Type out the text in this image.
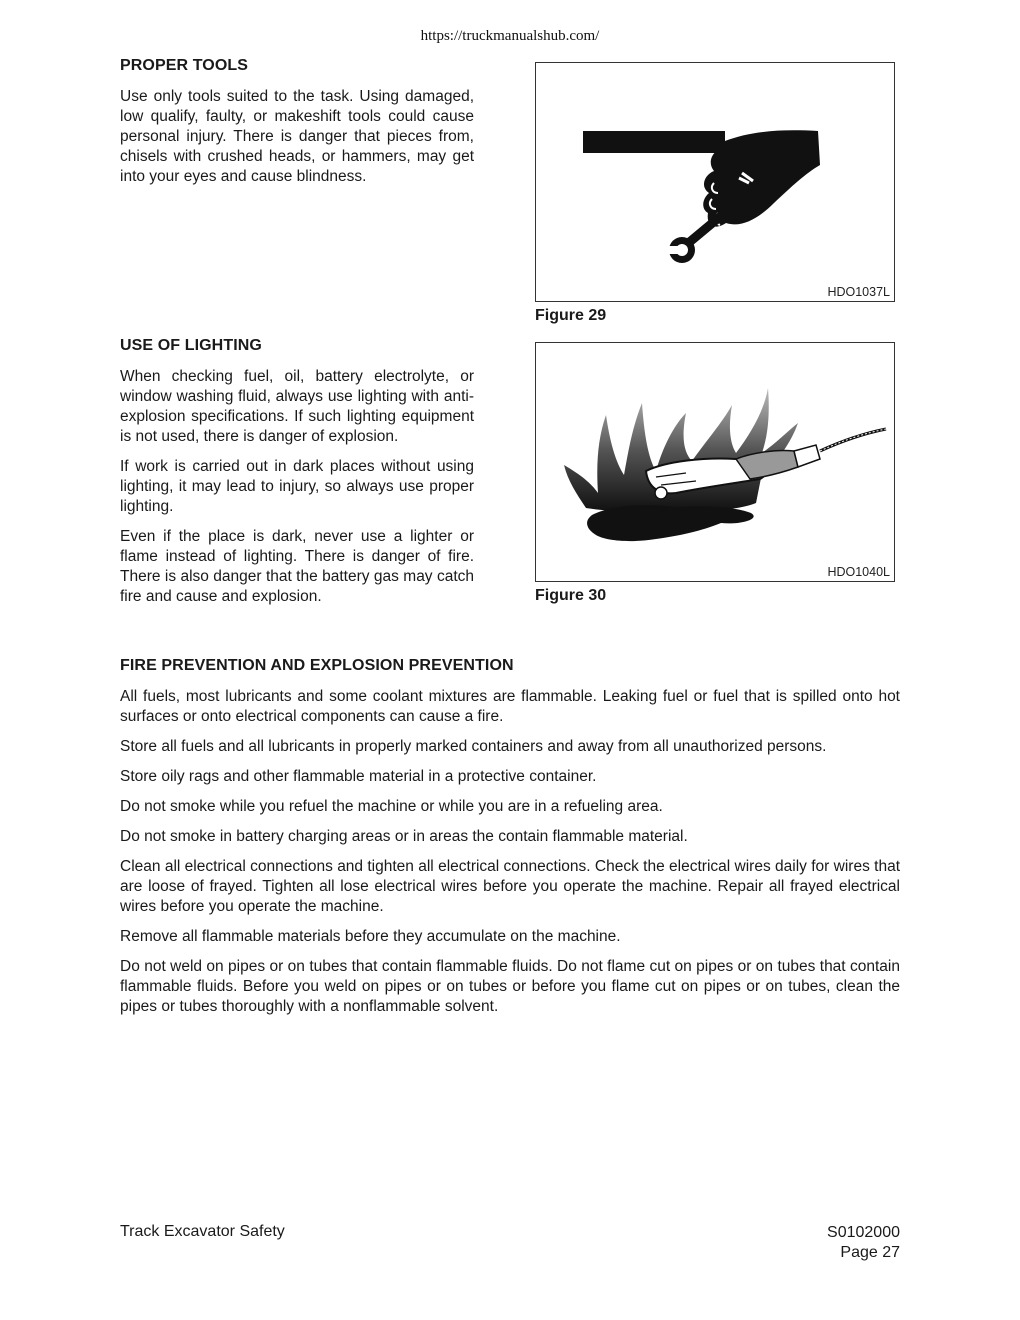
https://truckmanualshub.com/
PROPER TOOLS

Use only tools suited to the task. Using damaged, low qualify, faulty, or makeshift tools could cause personal injury. There is danger that pieces from, chisels with crushed heads, or hammers, may get into your eyes and cause blindness.

HDO1037L
Figure 29
USE OF LIGHTING

When checking fuel, oil, battery electrolyte, or window washing fluid, always use lighting with anti-explosion specifications. If such lighting equipment is not used, there is danger of explosion.

If work is carried out in dark places without using lighting, it may lead to injury, so always use proper lighting.

Even if the place is dark, never use a lighter or flame instead of lighting. There is danger of fire. There is also danger that the battery gas may catch fire and cause and explosion.

HDO1040L
Figure 30
FIRE PREVENTION AND EXPLOSION PREVENTION

All fuels, most lubricants and some coolant mixtures are flammable. Leaking fuel or fuel that is spilled onto hot surfaces or onto electrical components can cause a fire.

Store all fuels and all lubricants in properly marked containers and away from all unauthorized persons.

Store oily rags and other flammable material in a protective container.

Do not smoke while you refuel the machine or while you are in a refueling area.

Do not smoke in battery charging areas or in areas the contain flammable material.

Clean all electrical connections and tighten all electrical connections. Check the electrical wires daily for wires that are loose of frayed. Tighten all lose electrical wires before you operate the machine. Repair all frayed electrical wires before you operate the machine.

Remove all flammable materials before they accumulate on the machine.

Do not weld on pipes or on tubes that contain flammable fluids. Do not flame cut on pipes or on tubes that contain flammable fluids. Before you weld on pipes or on tubes or before you flame cut on pipes or on tubes, clean the pipes or tubes thoroughly with a nonflammable solvent.

Track Excavator Safety	S0102000
Page 27
